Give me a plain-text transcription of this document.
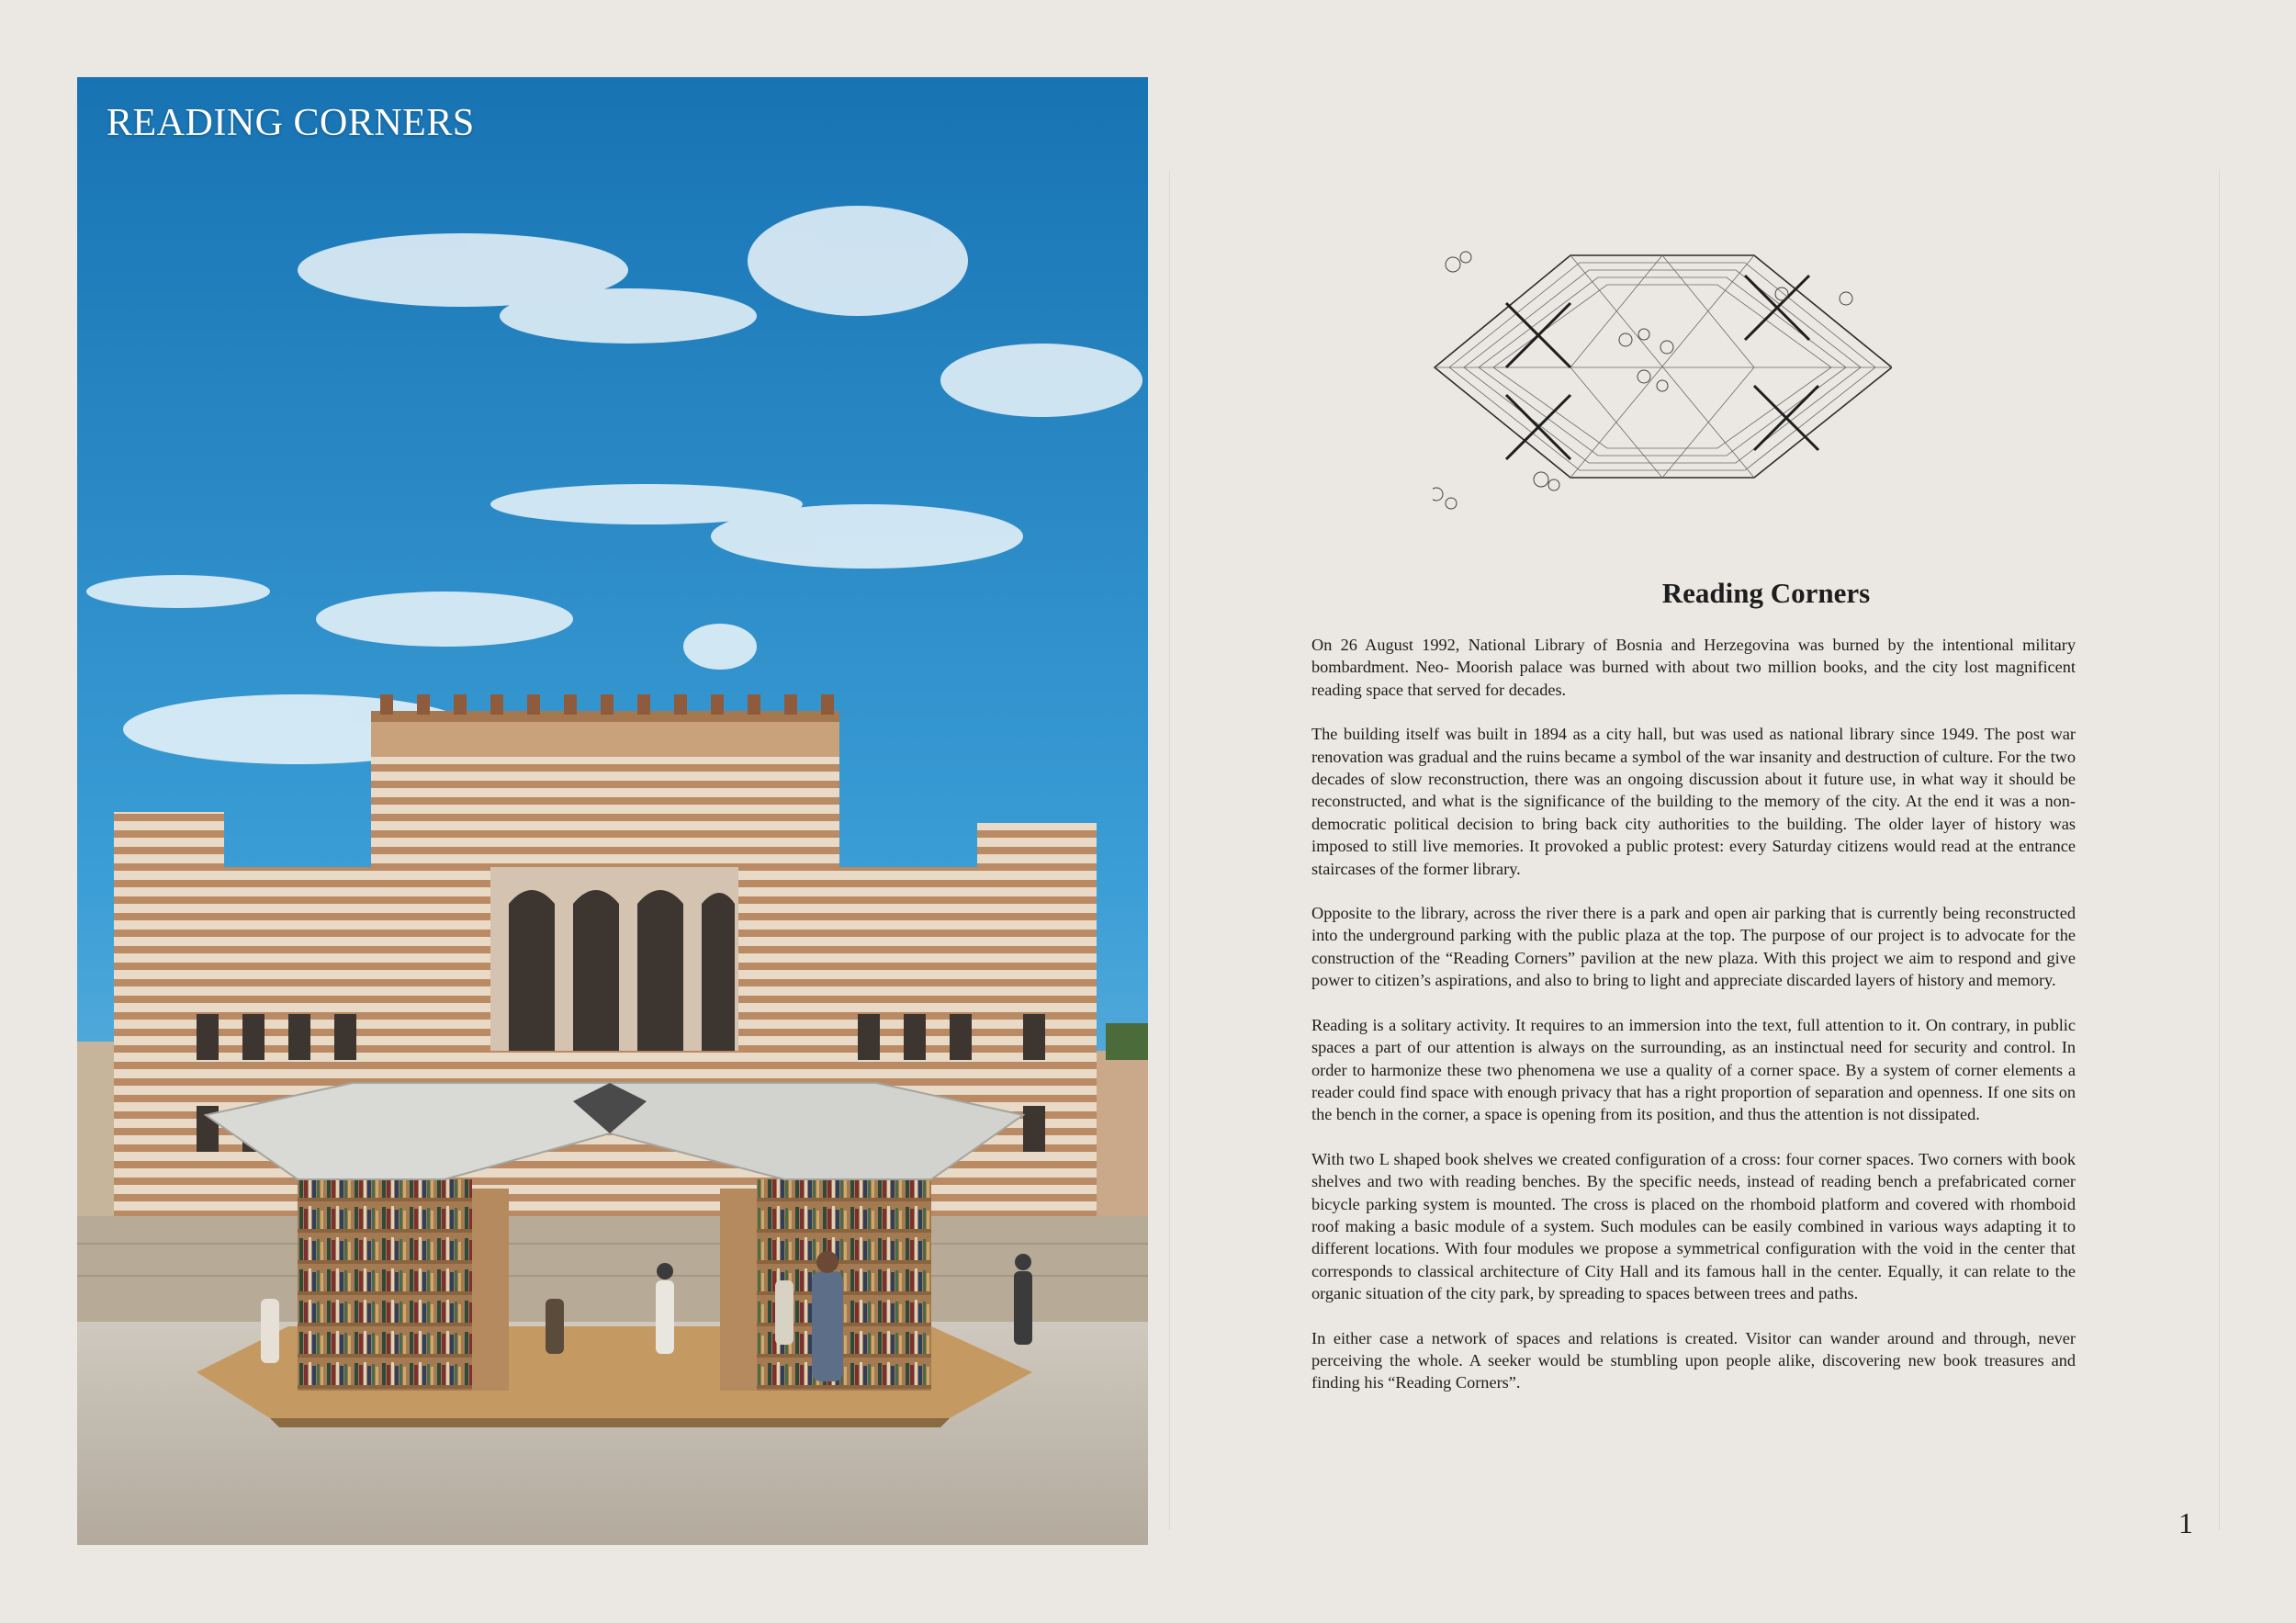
READING CORNERS
Reading Corners

On 26 August 1992, National Library of Bosnia and Herzegovina was burned by the intentional military bombardment. Neo- Moorish palace was burned with about two million books, and the city lost magnificent reading space that served for decades.

The building itself was built in 1894 as a city hall, but was used as national library since 1949. The post war renovation was gradual and the ruins became a symbol of the war insanity and destruction of culture. For the two decades of slow reconstruction, there was an ongoing discussion about it future use, in what way it should be reconstructed, and what is the significance of the building to the memory of the city. At the end it was a non- democratic political decision to bring back city authorities to the building. The older layer of history was imposed to still live memories. It provoked a public protest: every Saturday citizens would read at the entrance staircases of the former library.

Opposite to the library, across the river there is a park and open air parking that is currently being reconstructed into the underground parking with the public plaza at the top. The purpose of our project is to advocate for the construction of the “Reading Corners” pavilion at the new plaza. With this project we aim to respond and give power to citizen’s aspirations, and also to bring to light and appreciate discarded layers of history and memory.

Reading is a solitary activity. It requires to an immersion into the text, full attention to it. On contrary, in public spaces a part of our attention is always on the surrounding, as an instinctual need for security and control. In order to harmonize these two phenomena we use a quality of a corner space. By a system of corner elements a reader could find space with enough privacy that has a right proportion of separation and openness. If one sits on the bench in the corner, a space is opening from its position, and thus the attention is not dissipated.

With two L shaped book shelves we created configuration of a cross: four corner spaces. Two corners with book shelves and two with reading benches. By the specific needs, instead of reading bench a prefabricated corner bicycle parking system is mounted. The cross is placed on the rhomboid platform and covered with rhomboid roof making a basic module of a system. Such modules can be easily combined in various ways adapting it to different locations. With four modules we propose a symmetrical configuration with the void in the center that corresponds to classical architecture of City Hall and its famous hall in the center. Equally, it can relate to the organic situation of the city park, by spreading to spaces between trees and paths.

In either case a network of spaces and relations is created. Visitor can wander around and through, never perceiving the whole. A seeker would be stumbling upon people alike, discovering new book treasures and finding his “Reading Corners”.

1
